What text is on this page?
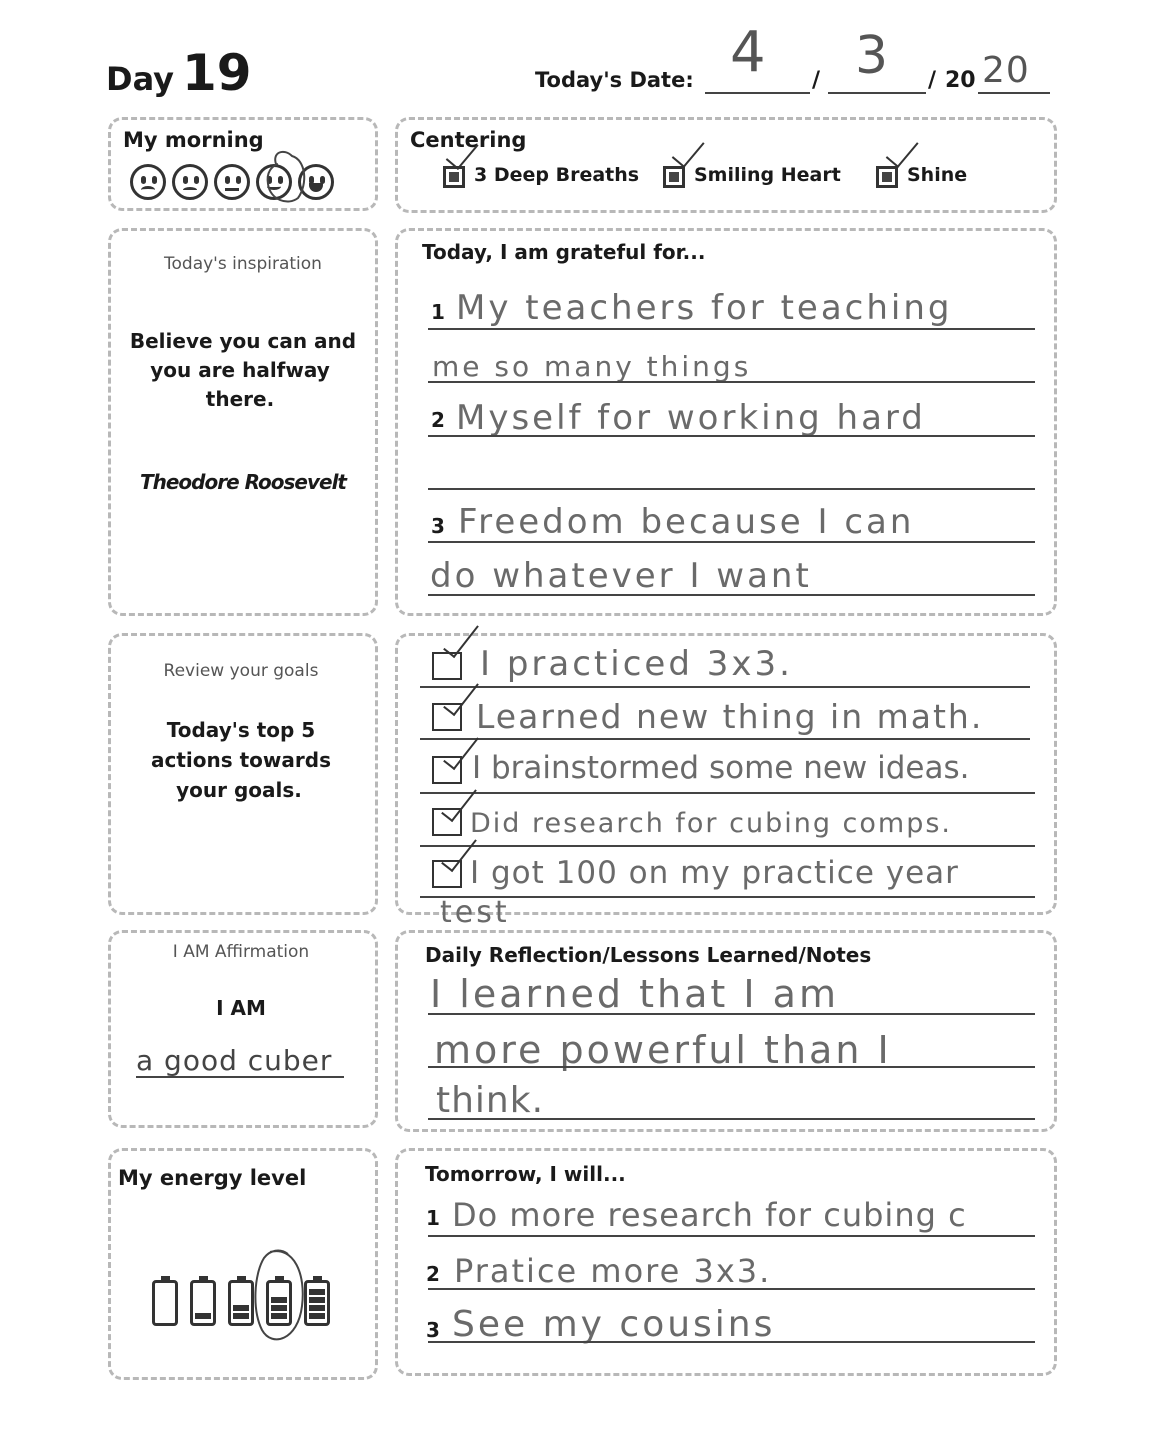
Day 19	Today's Date: 4 / 3 / 20 20
My morning	Centering
3 Deep Breaths	Smiling Heart	Shine
Today's inspiration
Believe you can and
you are halfway
there.
Theodore Roosevelt
Today, I am grateful for...
1 My teachers for teaching
me so many things
2 Myself for working hard
3 Freedom because I can
do whatever I want
Review your goals
Today's top 5
actions towards
your goals.
I practiced 3x3.
Learned new thing in math.
I brainstormed some new ideas.
Did research for cubing comps.
I got 100 on my practice year
test
I AM Affirmation
I AM
a good cuber
Daily Reflection/Lessons Learned/Notes
I learned that I am
more powerful than I
think.
My energy level	Tomorrow, I will...
1 Do more research for cubing c
2 Pratice more 3x3.
3 See my cousins
